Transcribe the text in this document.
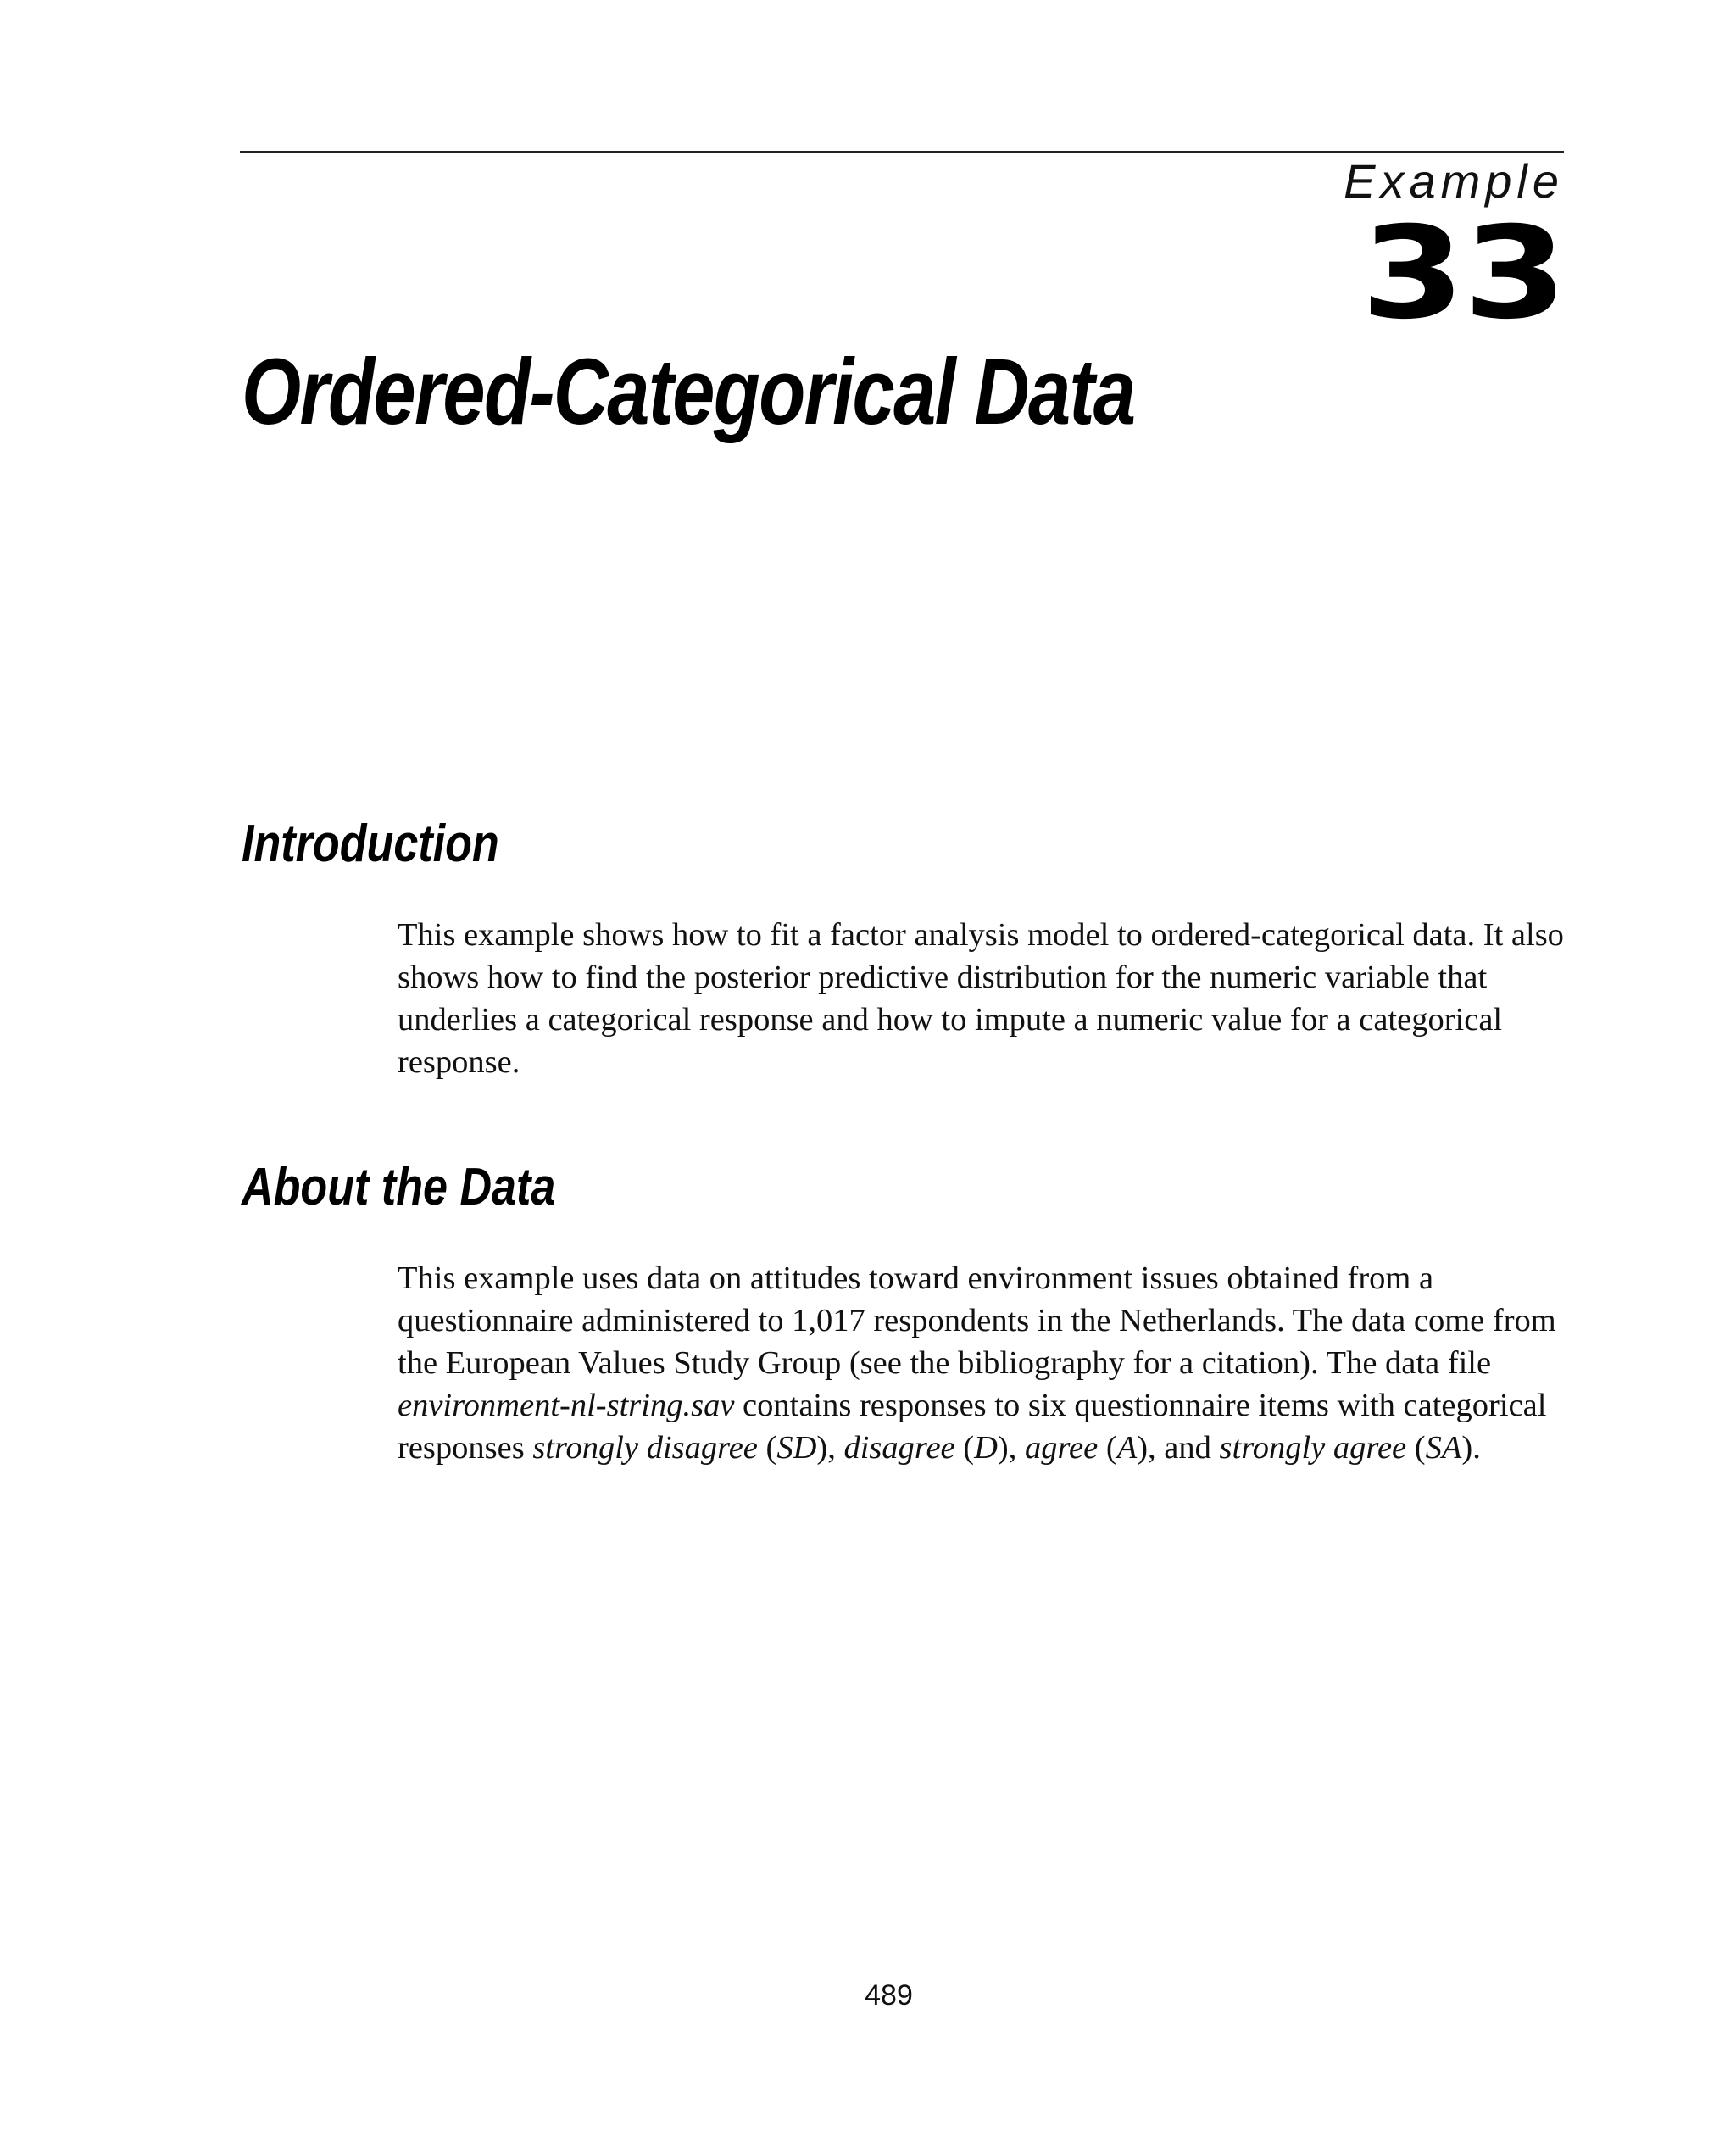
Example
33
Ordered-Categorical Data
Introduction

This example shows how to fit a factor analysis model to ordered-categorical data. It also shows how to find the posterior predictive distribution for the numeric variable that underlies a categorical response and how to impute a numeric value for a categorical response.

About the Data

This example uses data on attitudes toward environment issues obtained from a questionnaire administered to 1,017 respondents in the Netherlands. The data come from the European Values Study Group (see the bibliography for a citation). The data file environment-nl-string.sav contains responses to six questionnaire items with categorical responses strongly disagree (SD), disagree (D), agree (A), and strongly agree (SA).

489
